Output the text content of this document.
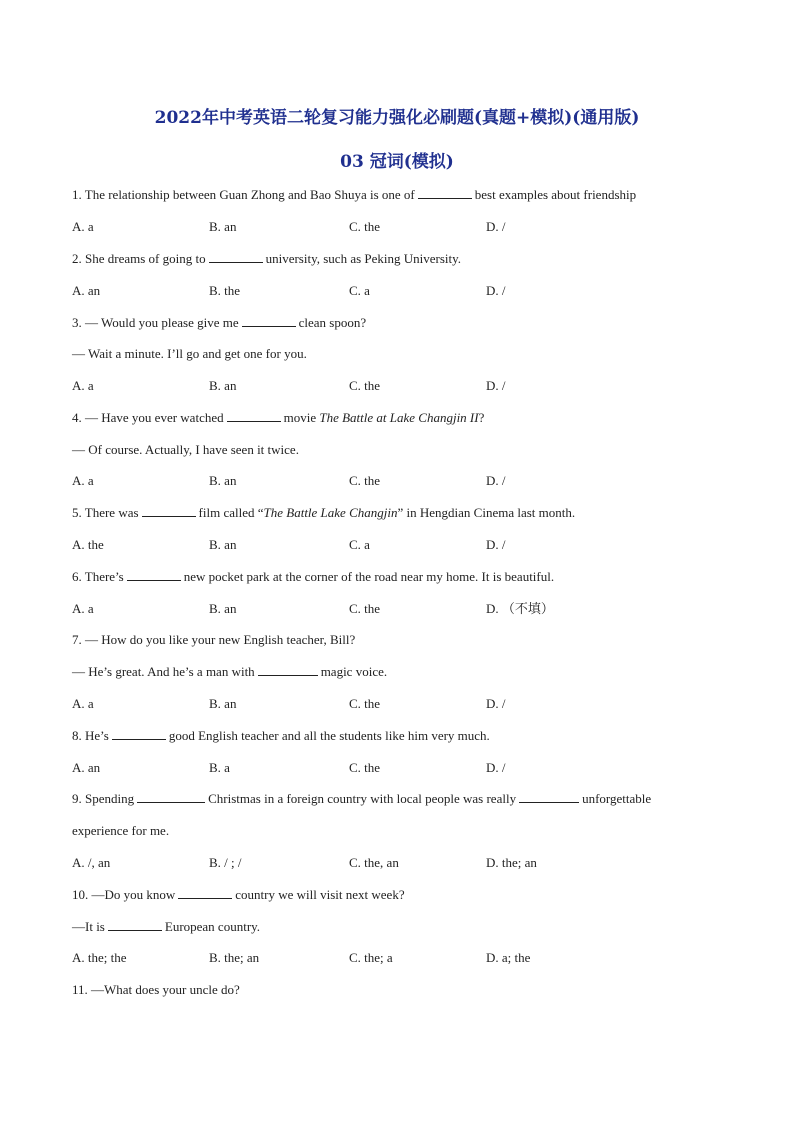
2022年中考英语二轮复习能力强化必刷题(真题+模拟)(通用版)
03 冠词(模拟)
1. The relationship between Guan Zhong and Bao Shuya is one of	best examples about friendship
A. a	B. an	C. the	D. /
2. She dreams of going to	university, such as Peking University.
A. an	B. the	C. a	D. /
3. — Would you please give me	clean spoon?
— Wait a minute. I’ll go and get one for you.
A. a	B. an	C. the	D. /
4. — Have you ever watched	movie The Battle at Lake Changjin II?
— Of course. Actually, I have seen it twice.
A. a	B. an	C. the	D. /
5. There was	film called “The Battle Lake Changjin” in Hengdian Cinema last month.
A. the	B. an	C. a	D. /
6. There’s	new pocket park at the corner of the road near my home. It is beautiful.
A. a	B. an	C. the	D. （不填）
7. — How do you like your new English teacher, Bill?
— He’s great. And he’s a man with	magic voice.
A. a	B. an	C. the	D. /
8. He’s	good English teacher and all the students like him very much.
A. an	B. a	C. the	D. /
9. Spending	Christmas in a foreign country with local people was really	unforgettable
experience for me.
A. /, an	B. / ; /	C. the, an	D. the; an
10. —Do you know	country we will visit next week?
—It is	European country.
A. the; the	B. the; an	C. the; a	D. a; the
11. —What does your uncle do?
